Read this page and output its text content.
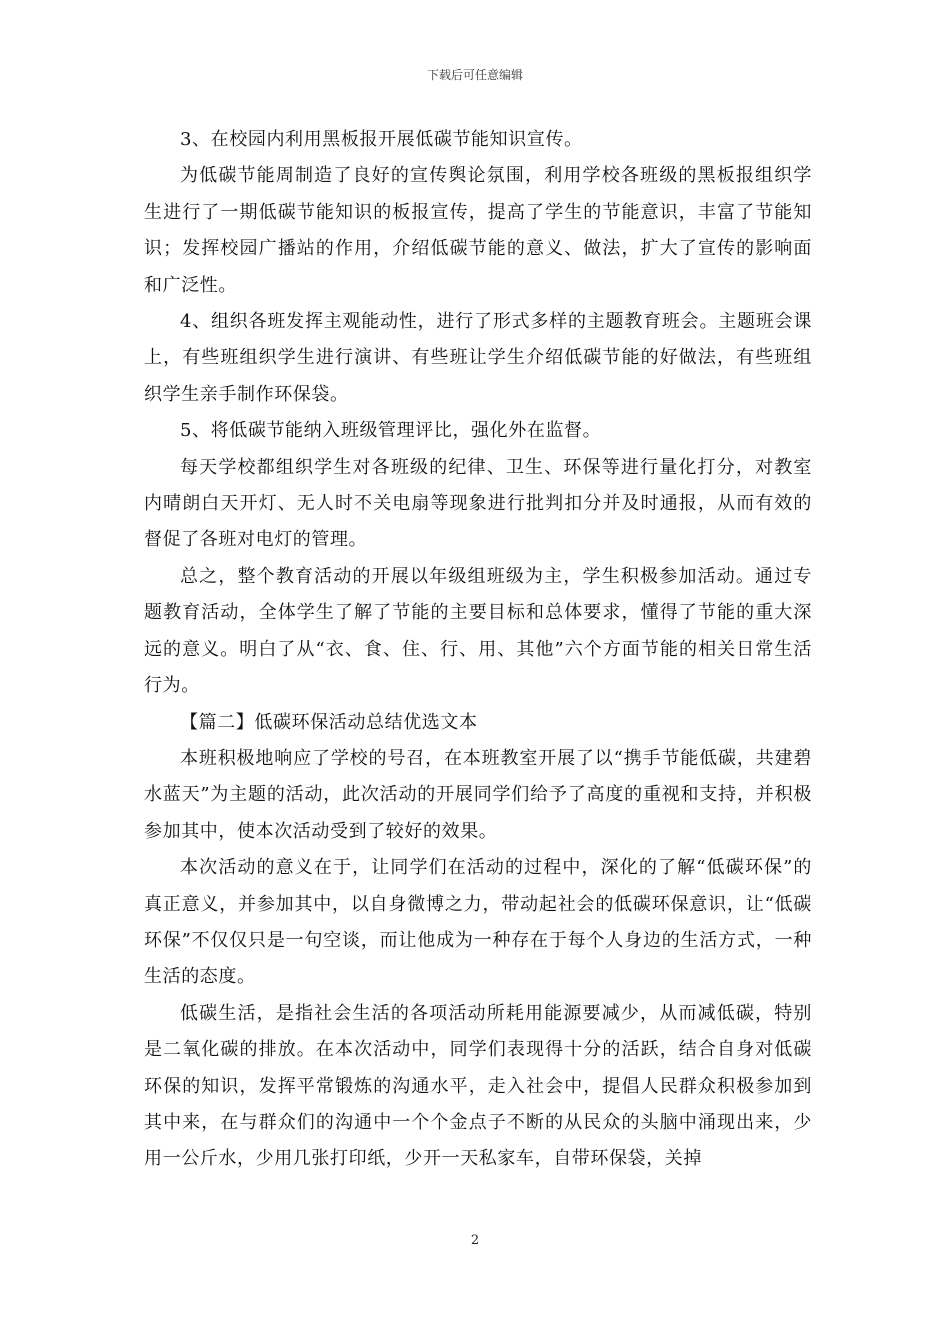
下载后可任意编辑

3、在校园内利用黑板报开展低碳节能知识宣传。

为低碳节能周制造了良好的宣传舆论氛围，利用学校各班级的黑板报组织学生进行了一期低碳节能知识的板报宣传，提高了学生的节能意识，丰富了节能知识；发挥校园广播站的作用，介绍低碳节能的意义、做法，扩大了宣传的影响面和广泛性。

4、组织各班发挥主观能动性，进行了形式多样的主题教育班会。主题班会课上，有些班组织学生进行演讲、有些班让学生介绍低碳节能的好做法，有些班组织学生亲手制作环保袋。

5、将低碳节能纳入班级管理评比，强化外在监督。

每天学校都组织学生对各班级的纪律、卫生、环保等进行量化打分，对教室内晴朗白天开灯、无人时不关电扇等现象进行批判扣分并及时通报，从而有效的督促了各班对电灯的管理。

总之，整个教育活动的开展以年级组班级为主，学生积极参加活动。通过专题教育活动，全体学生了解了节能的主要目标和总体要求，懂得了节能的重大深远的意义。明白了从“衣、食、住、行、用、其他”六个方面节能的相关日常生活行为。

【篇二】低碳环保活动总结优选文本

本班积极地响应了学校的号召，在本班教室开展了以“携手节能低碳，共建碧水蓝天”为主题的活动，此次活动的开展同学们给予了高度的重视和支持，并积极参加其中，使本次活动受到了较好的效果。

本次活动的意义在于，让同学们在活动的过程中，深化的了解“低碳环保”的真正意义，并参加其中，以自身微博之力，带动起社会的低碳环保意识，让“低碳环保”不仅仅只是一句空谈，而让他成为一种存在于每个人身边的生活方式，一种生活的态度。

低碳生活，是指社会生活的各项活动所耗用能源要减少，从而减低碳，特别是二氧化碳的排放。在本次活动中，同学们表现得十分的活跃，结合自身对低碳环保的知识，发挥平常锻炼的沟通水平，走入社会中，提倡人民群众积极参加到其中来，在与群众们的沟通中一个个金点子不断的从民众的头脑中涌现出来，少用一公斤水，少用几张打印纸，少开一天私家车，自带环保袋，关掉

2
